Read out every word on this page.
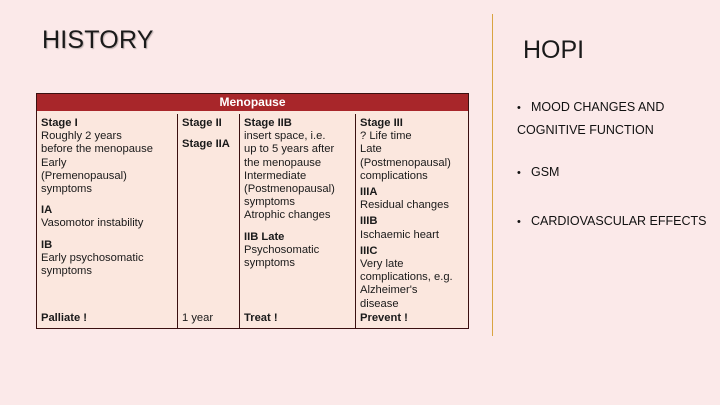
HISTORY	HOPI
• MOOD CHANGES AND
COGNITIVE FUNCTION
• GSM
• CARDIOVASCULAR EFFECTS
Menopause
Stage I
Roughly 2 years
before the menopause
Early
(Premenopausal)
symptoms
IA
Vasomotor instability
IB
Early psychosomatic
symptoms
Palliate !
Stage II
Stage IIA
1 year
Stage IIB
insert space, i.e.
up to 5 years after
the menopause
Intermediate
(Postmenopausal)
symptoms
Atrophic changes
IIB Late
Psychosomatic
symptoms
Treat !
Stage III
? Life time
Late
(Postmenopausal)
complications
IIIA
Residual changes
IIIB
Ischaemic heart
IIIC
Very late
complications, e.g.
Alzheimer's
disease
Prevent !
